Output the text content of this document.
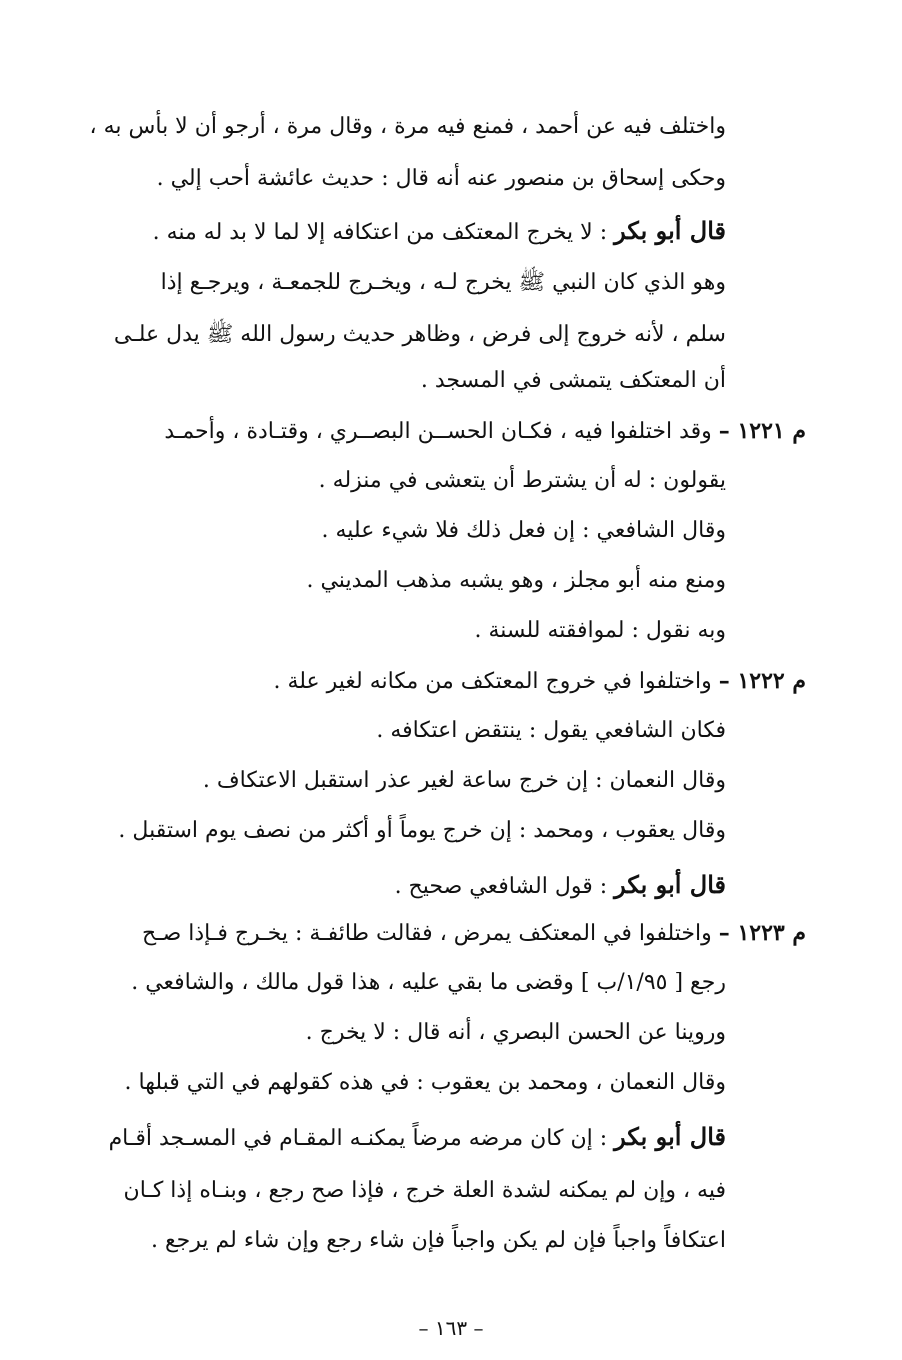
واختلف فيه عن أحمد ، فمنع فيه مرة ، وقال مرة ، أرجو أن لا بأس به ،
وحكى إسحاق بن منصور عنه أنه قال : حديث عائشة أحب إلي .
قال أبو بكر : لا يخرج المعتكف من اعتكافه إلا لما لا بد له منه .
وهو الذي كان النبي ﷺ يخرج لـه ، ويخـرج للجمعـة ، ويرجـع إذا
سلم ، لأنه خروج إلى فرض ، وظاهر حديث رسول الله ﷺ يدل علـى
أن المعتكف يتمشى في المسجد .
م ١٢٢١ – وقد اختلفوا فيه ، فكـان الحســن البصــري ، وقتـادة ، وأحمـد
يقولون : له أن يشترط أن يتعشى في منزله .
وقال الشافعي : إن فعل ذلك فلا شيء عليه .
ومنع منه أبو مجلز ، وهو يشبه مذهب المديني .
وبه نقول : لموافقته للسنة .
م ١٢٢٢ – واختلفوا في خروج المعتكف من مكانه لغير علة .
فكان الشافعي يقول : ينتقض اعتكافه .
وقال النعمان : إن خرج ساعة لغير عذر استقبل الاعتكاف .
وقال يعقوب ، ومحمد : إن خرج يوماً أو أكثر من نصف يوم استقبل .
قال أبو بكر : قول الشافعي صحيح .
م ١٢٢٣ – واختلفوا في المعتكف يمرض ، فقالت طائفـة : يخـرج فـإذا صـح
رجع [ ١/٩٥/ب ] وقضى ما بقي عليه ، هذا قول مالك ، والشافعي .
وروينا عن الحسن البصري ، أنه قال : لا يخرج .
وقال النعمان ، ومحمد بن يعقوب : في هذه كقولهم في التي قبلها .
قال أبو بكر : إن كان مرضه مرضاً يمكنـه المقـام في المسـجد أقـام
فيه ، وإن لم يمكنه لشدة العلة خرج ، فإذا صح رجع ، وبنـاه إذا كـان
اعتكافاً واجباً فإن لم يكن واجباً فإن شاء رجع وإن شاء لم يرجع .
– ١٦٣ –
